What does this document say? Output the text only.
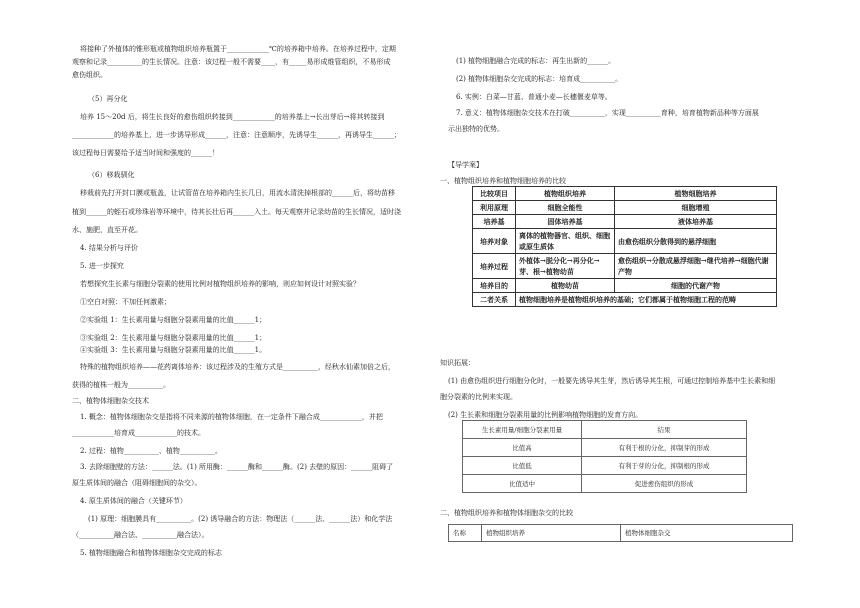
将接种了外植体的锥形瓶或植物组织培养瓶置于____________℃的培养箱中培养。在培养过程中，定期
观察和记录__________的生长情况。注意：该过程一般不需要____，有_____易形成维管组织，不易形成
愈伤组织。
（5）再分化
培养 15～20d 后，将生长良好的愈伤组织转接到____________的培养基上→长出芽后→将其转接到
____________的培养基上，进一步诱导形成______，注意：注意顺序，先诱导生______，再诱导生______；
该过程每日需要给予适当时间和强度的______！
（6）移栽驯化
移栽前先打开封口膜或瓶盖，让试管苗在培养箱内生长几日，用流水清洗掉根部的______后，将幼苗移
植到______的蛭石或珍珠岩等环境中，待其长壮后再______入土。每天观察并记录幼苗的生长情况，适时浇
水、施肥，直至开花。
4. 结果分析与评价
5. 进一步探究
若想探究生长素与细胞分裂素的使用比例对植物组织培养的影响，则应如何设计对照实验？
①空白对照：不加任何激素；
②实验组 1：生长素用量与细胞分裂素用量的比值______1；
③实验组 2：生长素用量与细胞分裂素用量的比值______1；
④实验组 3：生长素用量与细胞分裂素用量的比值______1。
特殊的植物组织培养——花药离体培养：该过程涉及的生殖方式是__________，经秋水仙素加倍之后，
获得的植株一般为__________。
二、植物体细胞杂交技术
1. 概念：植物体细胞杂交是指将不同来源的植物体细胞，在一定条件下融合成____________，并把
____________培育成____________的技术。
2. 过程：植物__________、植物__________。
3. 去除细胞壁的方法：______法。(1) 所用酶：______酶和______酶。(2) 去壁的原因：______阻碍了
原生质体间的融合（阻碍细胞间的杂交）。
4. 原生质体间的融合（关键环节）
(1) 原理：细胞膜具有__________。(2) 诱导融合的方法：物理法（______法、______法）和化学法
（__________融合法、__________融合法）。
5. 植物细胞融合和植物体细胞杂交完成的标志
(1) 植物细胞融合完成的标志：再生出新的______。
(2) 植物体细胞杂交完成的标志：培育成__________。
6. 实例：白菜—甘蓝、普通小麦—长穗偃麦草等。
7. 意义：植物体细胞杂交技术在打破__________，实现__________育种，培育植物新品种等方面展
示出独特的优势。
【导学案】
一、植物组织培养和植物细胞培养的比较
比较项目	植物组织培养	植物细胞培养
利用原理	细胞全能性	细胞增殖
培养基	固体培养基	液体培养基
培养对象	离体的植物器官、组织、细胞或原生质体	由愈伤组织分散得到的悬浮细胞
培养过程	外植体→脱分化→再分化→芽、根→植物幼苗	愈伤组织→分散成悬浮细胞→继代培养→细胞代谢产物
培养目的	植物幼苗	细胞的代谢产物
二者关系	植物细胞培养是植物组织培养的基础；它们都属于植物细胞工程的范畴	
知识拓展：
(1) 由愈伤组织进行细胞分化时，一般要先诱导其生芽，然后诱导其生根，可通过控制培养基中生长素和细
胞分裂素的比例来实现。
(2) 生长素和细胞分裂素用量的比例影响植物细胞的发育方向。
生长素用量/细胞分裂素用量	结果
比值高	有利于根的分化，抑制芽的形成
比值低	有利于芽的分化，抑制根的形成
比值适中	促进愈伤组织的形成
二、植物组织培养和植物体细胞杂交的比较
名称	植物组织培养	植物体细胞杂交
